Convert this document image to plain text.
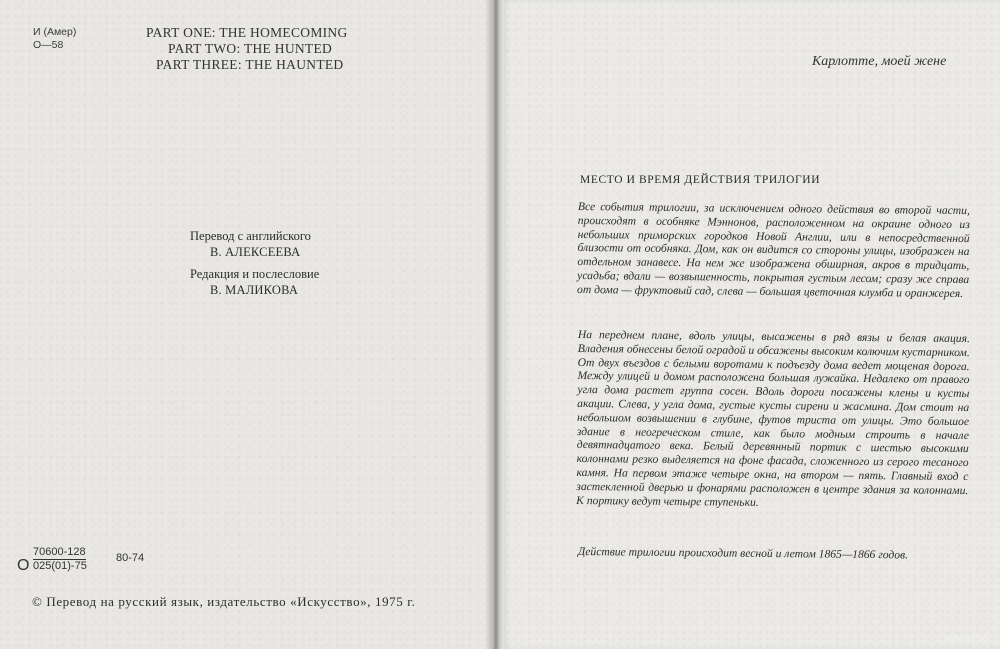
И (Амер)
О—58
PART ONE: THE HOMECOMING
PART TWO: THE HUNTED
PART THREE: THE HAUNTED
Перевод с английского
В. АЛЕКСЕЕВА
Редакция и послесловие
В. МАЛИКОВА
О $\frac{70600-128}{025(01)-75}$	80-74
© Перевод на русский язык, издательство «Искусство», 1975 г.
Карлотте, моей жене
МЕСТО И ВРЕМЯ ДЕЙСТВИЯ ТРИЛОГИИ

Все события трилогии, за исключением одного действия во второй части, происходят в особняке Мэннонов, расположенном на окраине одного из небольших приморских городков Новой Англии, или в непосредственной близости от особняка. Дом, как он видится со стороны улицы, изображен на отдельном занавесе. На нем же изображена обширная, акров в тридцать, усадьба; вдали — возвышенность, покрытая густым лесом; сразу же справа от дома — фруктовый сад, слева — большая цветочная клумба и оранжерея.

На переднем плане, вдоль улицы, высажены в ряд вязы и белая акация. Владения обнесены белой оградой и обсажены высоким колючим кустарником. От двух въездов с белыми воротами к подъезду дома ведет мощеная дорога. Между улицей и домом расположена большая лужайка. Недалеко от правого угла дома растет группа сосен. Вдоль дороги посажены клены и кусты акации. Слева, у угла дома, густые кусты сирени и жасмина. Дом стоит на небольшом возвышении в глубине, футов триста от улицы. Это большое здание в неогреческом стиле, как было модным строить в начале девятнадцатого века. Белый деревянный портик с шестью высокими колоннами резко выделяется на фоне фасада, сложенного из серого тесаного камня. На первом этаже четыре окна, на втором — пять. Главный вход с застекленной дверью и фонарями расположен в центре здания за колоннами. К портику ведут четыре ступеньки.

Действие трилогии происходит весной и летом 1865—1866 годов.

www.ay.by
